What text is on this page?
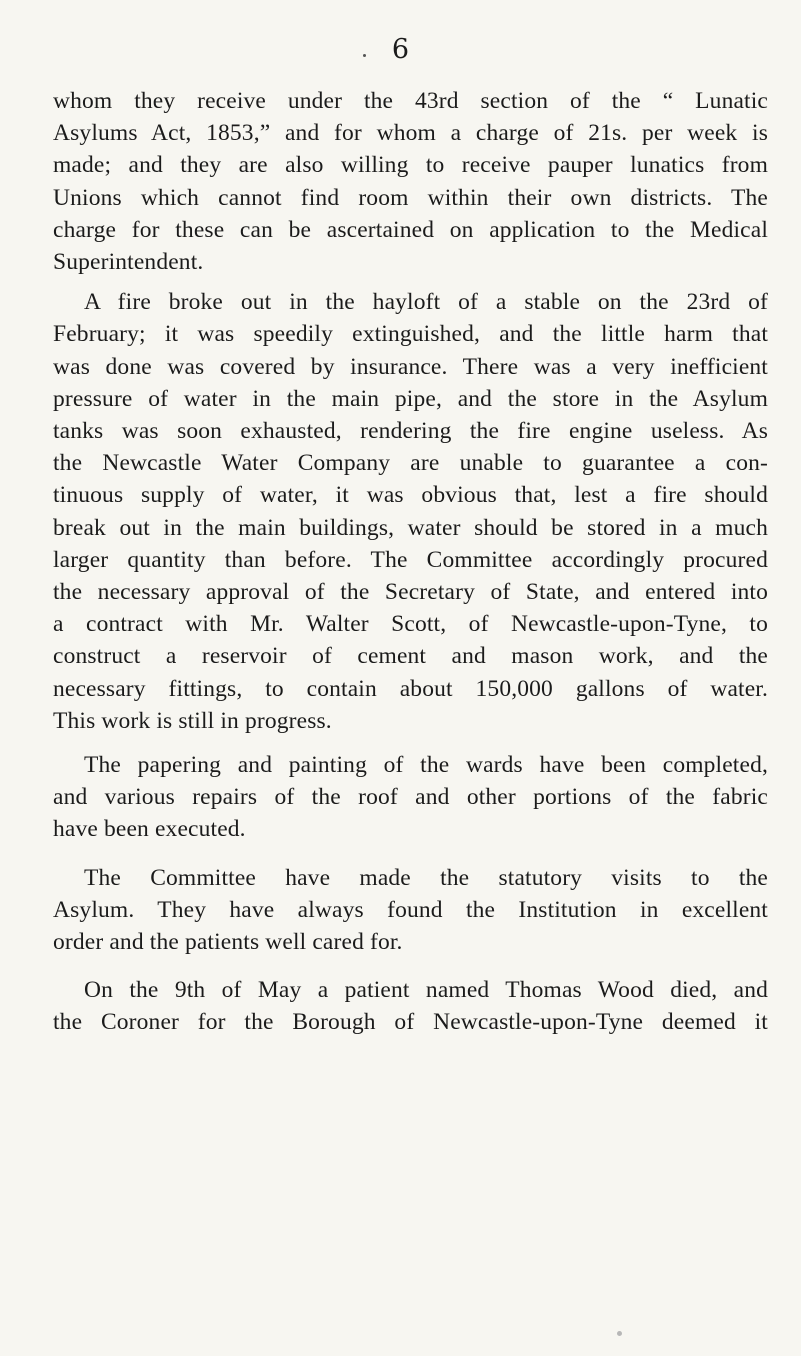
6

whom they receive under the 43rd section of the “ Lunatic
Asylums Act, 1853,” and for whom a charge of 21s. per week is
made; and they are also willing to receive pauper lunatics from
Unions which cannot find room within their own districts. The
charge for these can be ascertained on application to the Medical
Superintendent.
A fire broke out in the hayloft of a stable on the 23rd of
February; it was speedily extinguished, and the little harm that
was done was covered by insurance. There was a very inefficient
pressure of water in the main pipe, and the store in the Asylum
tanks was soon exhausted, rendering the fire engine useless. As
the Newcastle Water Company are unable to guarantee a con-
tinuous supply of water, it was obvious that, lest a fire should
break out in the main buildings, water should be stored in a much
larger quantity than before. The Committee accordingly procured
the necessary approval of the Secretary of State, and entered into
a contract with Mr. Walter Scott, of Newcastle-upon-Tyne, to
construct a reservoir of cement and mason work, and the
necessary fittings, to contain about 150,000 gallons of water.
This work is still in progress.
The papering and painting of the wards have been completed,
and various repairs of the roof and other portions of the fabric
have been executed.
The Committee have made the statutory visits to the
Asylum. They have always found the Institution in excellent
order and the patients well cared for.
On the 9th of May a patient named Thomas Wood died, and
the Coroner for the Borough of Newcastle-upon-Tyne deemed it
